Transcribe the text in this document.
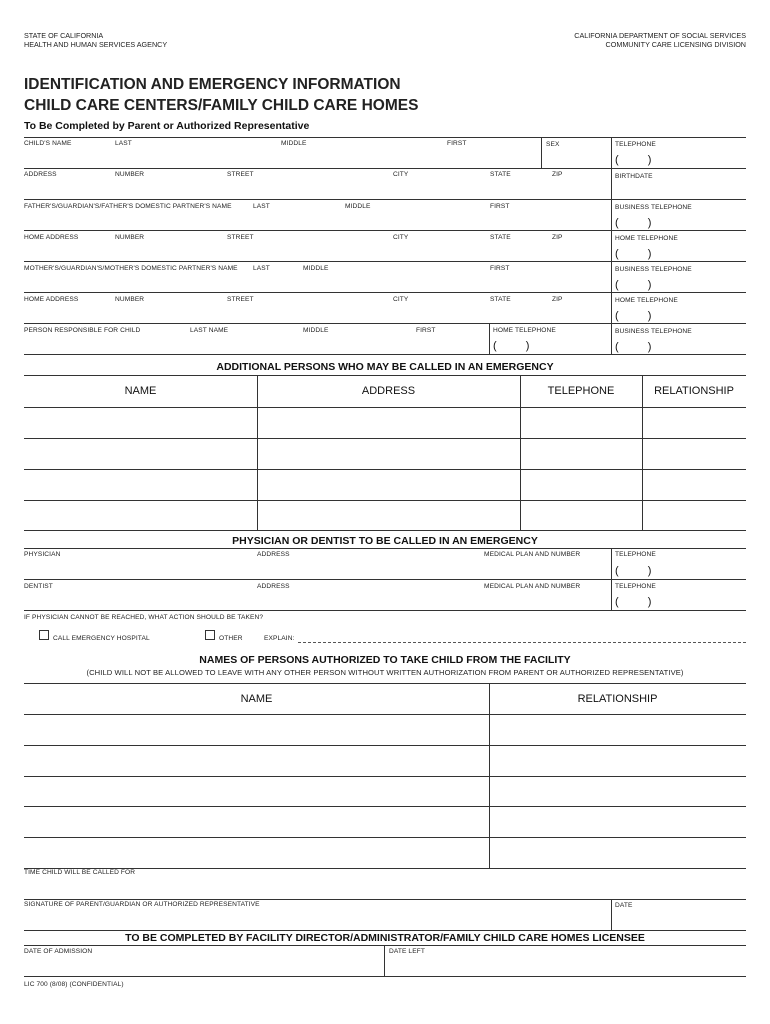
STATE OF CALIFORNIA
HEALTH AND HUMAN SERVICES AGENCY
CALIFORNIA DEPARTMENT OF SOCIAL SERVICES
COMMUNITY CARE LICENSING DIVISION
IDENTIFICATION AND EMERGENCY INFORMATION
CHILD CARE CENTERS/FAMILY CHILD CARE HOMES
To Be Completed by Parent or Authorized Representative
CHILD'S NAME	LAST	MIDDLE	FIRST	SEX	TELEPHONE
( )
ADDRESS	NUMBER	STREET	CITY	STATE	ZIP	BIRTHDATE
FATHER'S/GUARDIAN'S/FATHER'S DOMESTIC PARTNER'S NAME	LAST	MIDDLE	FIRST	BUSINESS TELEPHONE
( )
HOME ADDRESS	NUMBER	STREET	CITY	STATE	ZIP	HOME TELEPHONE
( )
MOTHER'S/GUARDIAN'S/MOTHER'S DOMESTIC PARTNER'S NAME LAST	MIDDLE	FIRST	BUSINESS TELEPHONE
( )
HOME ADDRESS	NUMBER	STREET	CITY	STATE	ZIP	HOME TELEPHONE
( )
PERSON RESPONSIBLE FOR CHILD	LAST NAME	MIDDLE	FIRST	HOME TELEPHONE
( )
BUSINESS TELEPHONE
( )
ADDITIONAL PERSONS WHO MAY BE CALLED IN AN EMERGENCY
NAME	ADDRESS	TELEPHONE	RELATIONSHIP
PHYSICIAN OR DENTIST TO BE CALLED IN AN EMERGENCY
PHYSICIAN	ADDRESS	MEDICAL PLAN AND NUMBER	TELEPHONE
( )
DENTIST	ADDRESS	MEDICAL PLAN AND NUMBER	TELEPHONE
( )
IF PHYSICIAN CANNOT BE REACHED, WHAT ACTION SHOULD BE TAKEN?
CALL EMERGENCY HOSPITAL	OTHER	EXPLAIN:
NAMES OF PERSONS AUTHORIZED TO TAKE CHILD FROM THE FACILITY
(CHILD WILL NOT BE ALLOWED TO LEAVE WITH ANY OTHER PERSON WITHOUT WRITTEN AUTHORIZATION FROM PARENT OR AUTHORIZED REPRESENTATIVE)
NAME	RELATIONSHIP
TIME CHILD WILL BE CALLED FOR
SIGNATURE OF PARENT/GUARDIAN OR AUTHORIZED REPRESENTATIVE	DATE
TO BE COMPLETED BY FACILITY DIRECTOR/ADMINISTRATOR/FAMILY CHILD CARE HOMES LICENSEE
DATE OF ADMISSION	DATE LEFT
LIC 700 (8/08) (CONFIDENTIAL)
